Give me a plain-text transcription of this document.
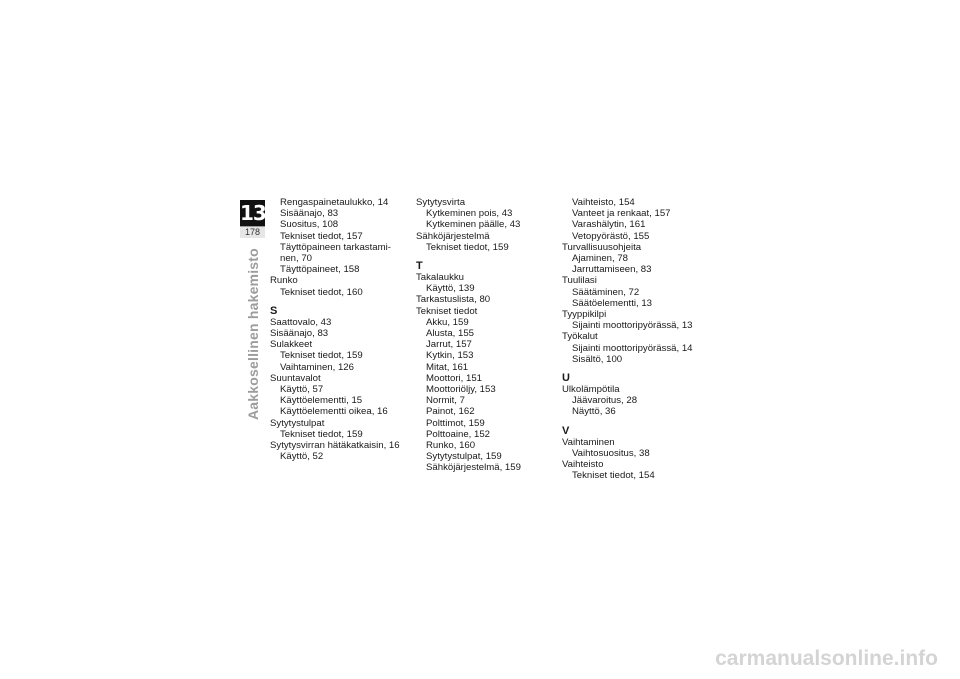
13
178
Aakkosellinen hakemisto
Rengaspainetaulukko, 14
Sisäänajo, 83
Suositus, 108
Tekniset tiedot, 157
Täyttöpaineen tarkastami-
nen, 70
Täyttöpaineet, 158
Runko
Tekniset tiedot, 160
S
Saattovalo, 43
Sisäänajo, 83
Sulakkeet
Tekniset tiedot, 159
Vaihtaminen, 126
Suuntavalot
Käyttö, 57
Käyttöelementti, 15
Käyttöelementti oikea, 16
Sytytystulpat
Tekniset tiedot, 159
Sytytysvirran hätäkatkaisin, 16
Käyttö, 52
Sytytysvirta
Kytkeminen pois, 43
Kytkeminen päälle, 43
Sähköjärjestelmä
Tekniset tiedot, 159
T
Takalaukku
Käyttö, 139
Tarkastuslista, 80
Tekniset tiedot
Akku, 159
Alusta, 155
Jarrut, 157
Kytkin, 153
Mitat, 161
Moottori, 151
Moottoriöljy, 153
Normit, 7
Painot, 162
Polttimot, 159
Polttoaine, 152
Runko, 160
Sytytystulpat, 159
Sähköjärjestelmä, 159
Vaihteisto, 154
Vanteet ja renkaat, 157
Varashälytin, 161
Vetopyörästö, 155
Turvallisuusohjeita
Ajaminen, 78
Jarruttamiseen, 83
Tuulilasi
Säätäminen, 72
Säätöelementti, 13
Tyyppikilpi
Sijainti moottoripyörässä, 13
Työkalut
Sijainti moottoripyörässä, 14
Sisältö, 100
U
Ulkolämpötila
Jäävaroitus, 28
Näyttö, 36
V
Vaihtaminen
Vaihtosuositus, 38
Vaihteisto
Tekniset tiedot, 154
carmanualsonline.info
